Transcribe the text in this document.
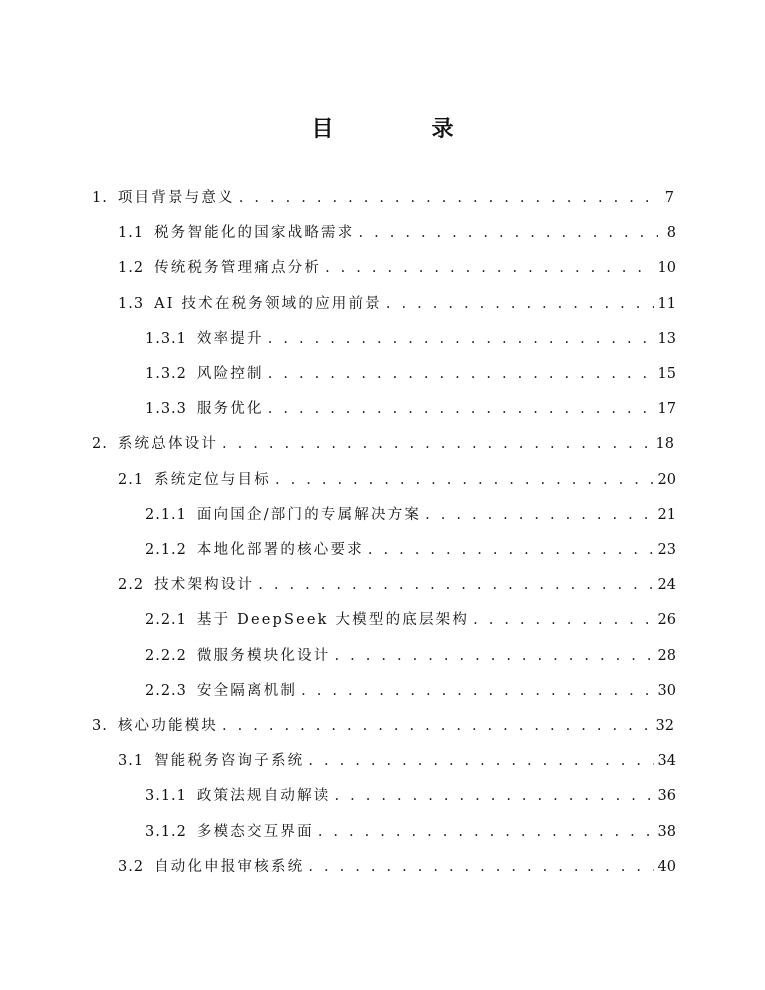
目　录
1. 项目背景与意义 . . .	7
1.1 税务智能化的国家战略需求 . . .	8
1.2 传统税务管理痛点分析 . . .	10
1.3 AI 技术在税务领域的应用前景 . . .	11
1.3.1 效率提升 . . .	13
1.3.2 风险控制 . . .	15
1.3.3 服务优化 . . .	17
2. 系统总体设计 . . .	18
2.1 系统定位与目标 . . .	20
2.1.1 面向国企/部门的专属解决方案 . . .	21
2.1.2 本地化部署的核心要求 . . .	23
2.2 技术架构设计 . . .	24
2.2.1 基于 DeepSeek 大模型的底层架构 . . .	26
2.2.2 微服务模块化设计 . . .	28
2.2.3 安全隔离机制 . . .	30
3. 核心功能模块 . . .	32
3.1 智能税务咨询子系统 . . .	34
3.1.1 政策法规自动解读 . . .	36
3.1.2 多模态交互界面 . . .	38
3.2 自动化申报审核系统 . . .	40
